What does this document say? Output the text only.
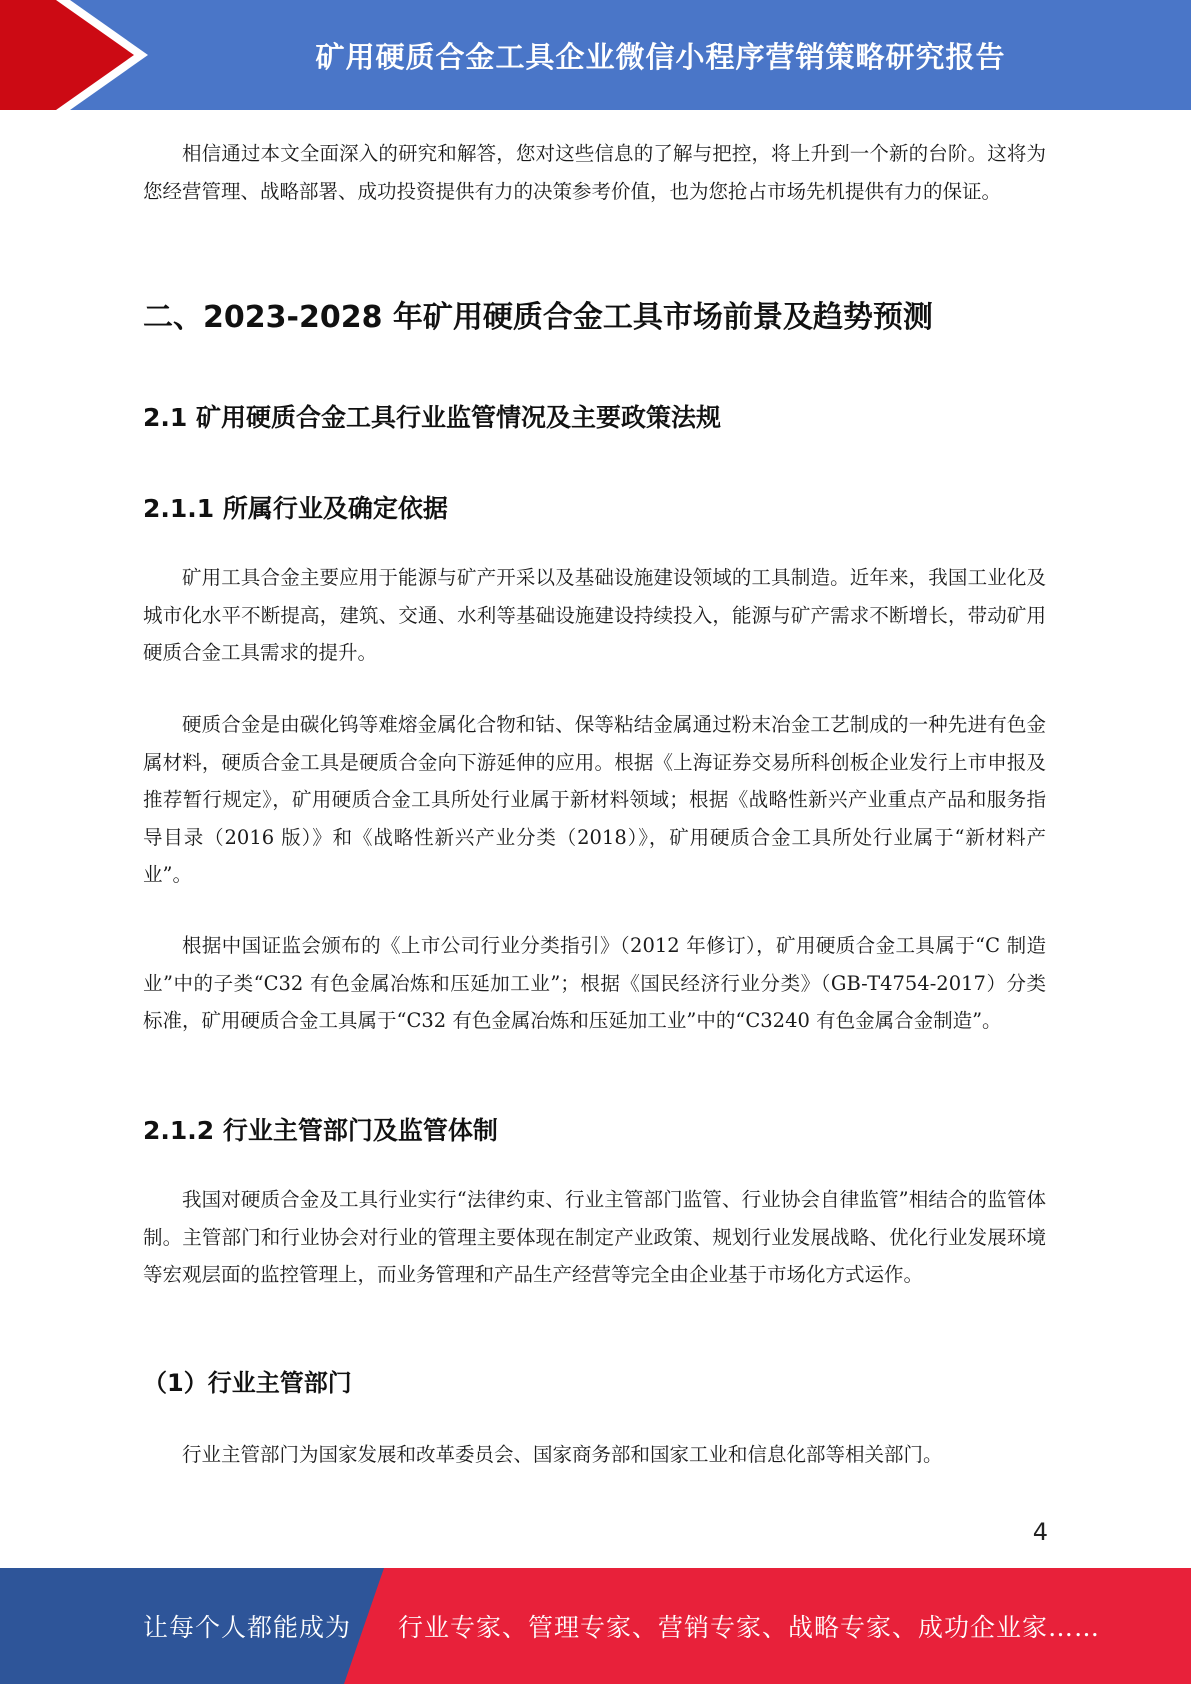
矿用硬质合金工具企业微信小程序营销策略研究报告

相信通过本文全面深入的研究和解答，您对这些信息的了解与把控，将上升到一个新的台阶。这将为您经营管理、战略部署、成功投资提供有力的决策参考价值，也为您抢占市场先机提供有力的保证。

二、2023-2028 年矿用硬质合金工具市场前景及趋势预测
2.1 矿用硬质合金工具行业监管情况及主要政策法规
2.1.1 所属行业及确定依据

矿用工具合金主要应用于能源与矿产开采以及基础设施建设领域的工具制造。近年来，我国工业化及城市化水平不断提高，建筑、交通、水利等基础设施建设持续投入，能源与矿产需求不断增长，带动矿用硬质合金工具需求的提升。

硬质合金是由碳化钨等难熔金属化合物和钴、保等粘结金属通过粉末冶金工艺制成的一种先进有色金属材料，硬质合金工具是硬质合金向下游延伸的应用。根据《上海证券交易所科创板企业发行上市申报及推荐暂行规定》，矿用硬质合金工具所处行业属于新材料领域；根据《战略性新兴产业重点产品和服务指导目录（2016 版）》和《战略性新兴产业分类（2018）》，矿用硬质合金工具所处行业属于“新材料产业”。

根据中国证监会颁布的《上市公司行业分类指引》（2012 年修订），矿用硬质合金工具属于“C 制造业”中的子类“C32 有色金属冶炼和压延加工业”；根据《国民经济行业分类》（GB-T4754-2017）分类标准，矿用硬质合金工具属于“C32 有色金属冶炼和压延加工业”中的“C3240 有色金属合金制造”。

2.1.2 行业主管部门及监管体制

我国对硬质合金及工具行业实行“法律约束、行业主管部门监管、行业协会自律监管”相结合的监管体制。主管部门和行业协会对行业的管理主要体现在制定产业政策、规划行业发展战略、优化行业发展环境等宏观层面的监控管理上，而业务管理和产品生产经营等完全由企业基于市场化方式运作。

（1）行业主管部门

行业主管部门为国家发展和改革委员会、国家商务部和国家工业和信息化部等相关部门。

4
让每个人都能成为 行业专家、管理专家、营销专家、战略专家、成功企业家……
